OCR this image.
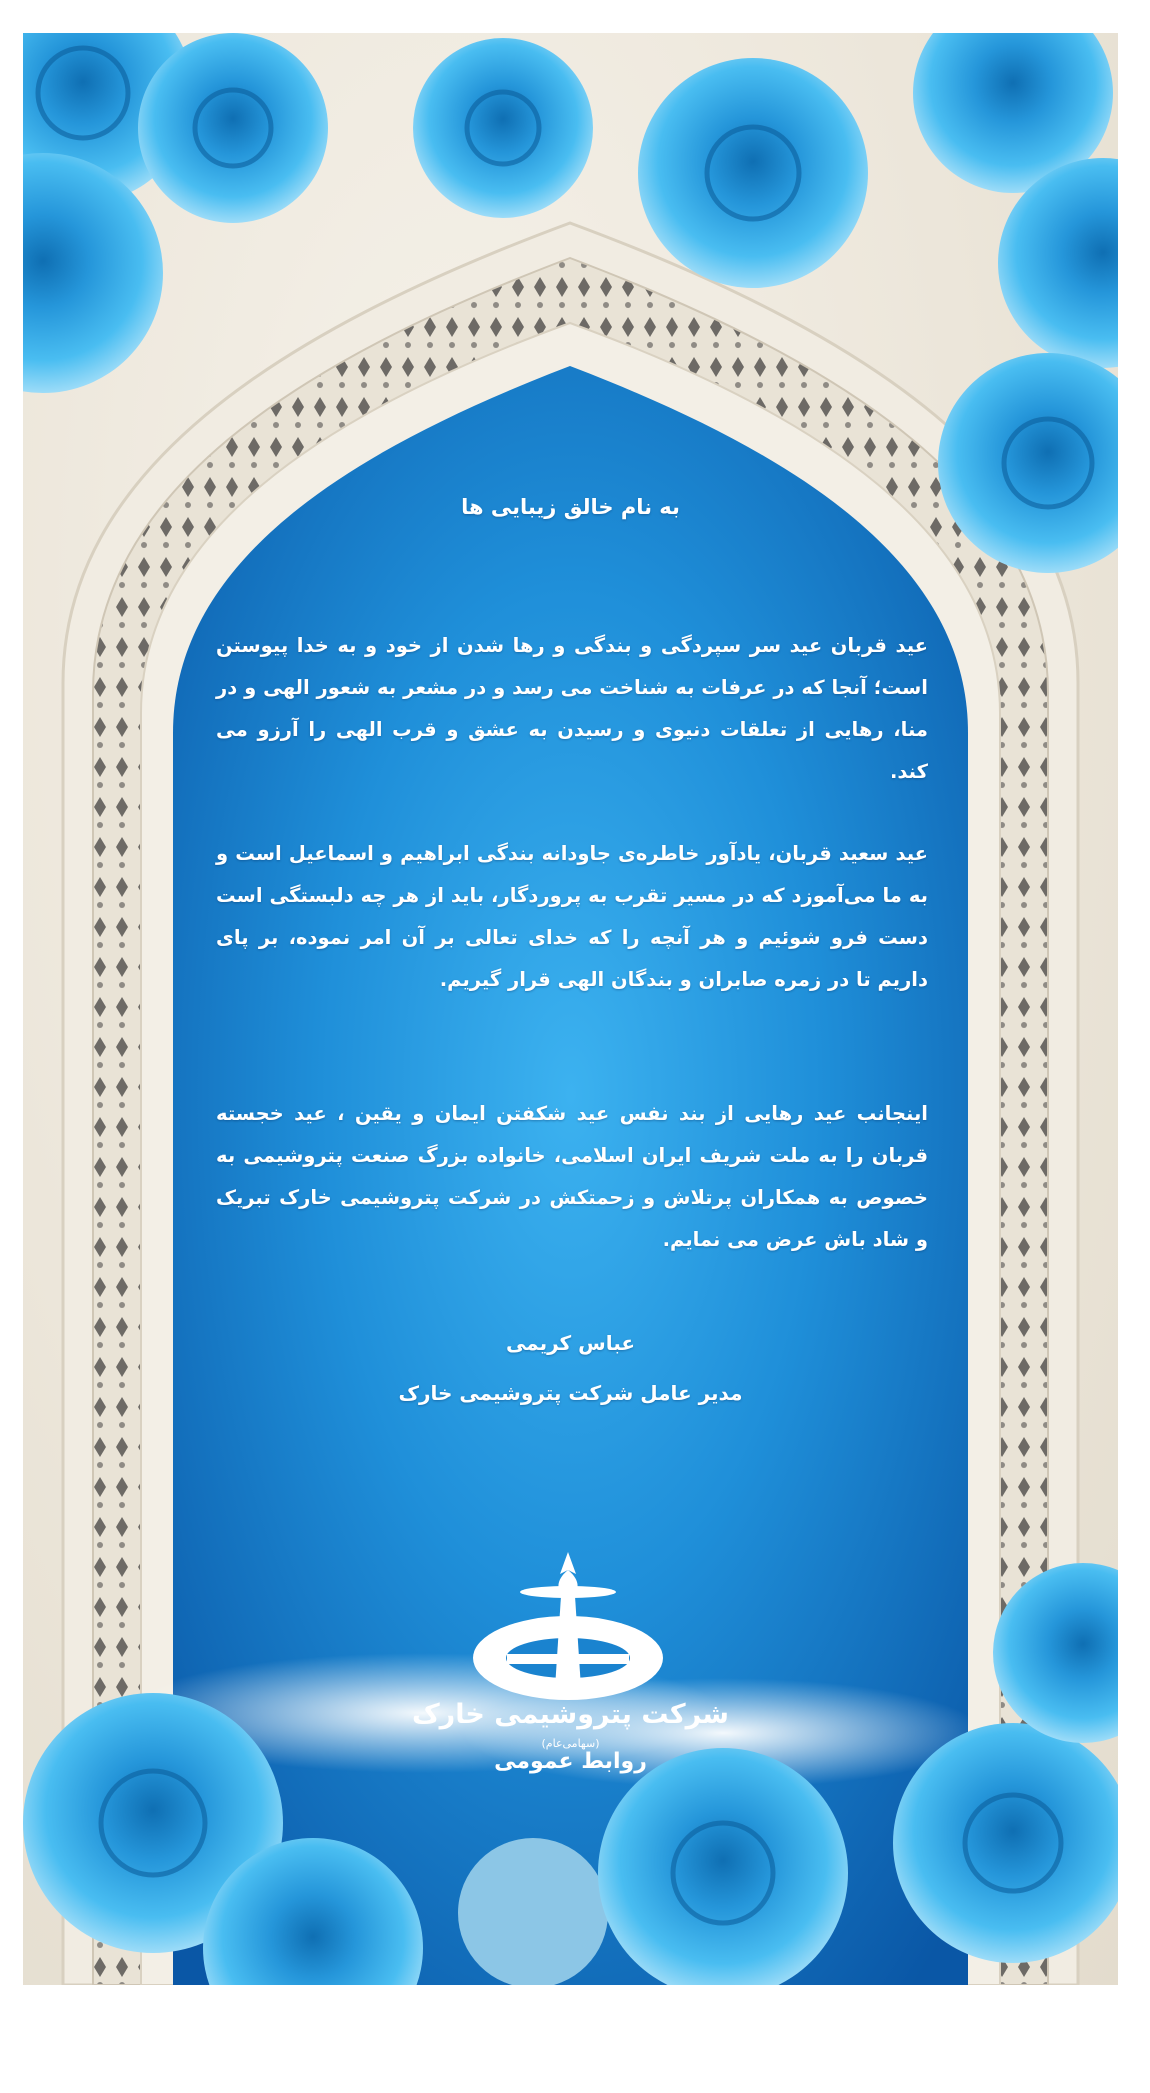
به نام خالق زیبایی ها

عید قربان عید سر سپردگی و بندگی و رها شدن از خود و به خدا پیوستن است؛ آنجا که در عرفات به شناخت می رسد و در مشعر به شعور الهی و در منا، رهایی از تعلقات دنیوی و رسیدن به عشق و قرب الهی را آرزو می کند.

عید سعید قربان، یادآور خاطره‌ی جاودانه بندگی ابراهیم و اسماعیل است و به ما می‌آموزد که در مسیر تقرب به پروردگار، باید از هر چه دلبستگی است دست فرو شوئیم و هر آنچه را که خدای تعالی بر آن امر نموده، بر پای داریم تا در زمره صابران و بندگان الهی قرار گیریم.

اینجانب عید رهایی از بند نفس عید شکفتن ایمان و یقین ، عید خجسته قربان را به ملت شریف ایران اسلامی، خانواده بزرگ صنعت پتروشیمی به خصوص به همکاران پرتلاش و زحمتکش در شرکت پتروشیمی خارک تبریک و شاد باش عرض می نمایم.

عباس کریمی
مدیر عامل شرکت پتروشیمی خارک
شرکت پتروشیمی خارک
(سهامی‌عام)
روابط عمومی
